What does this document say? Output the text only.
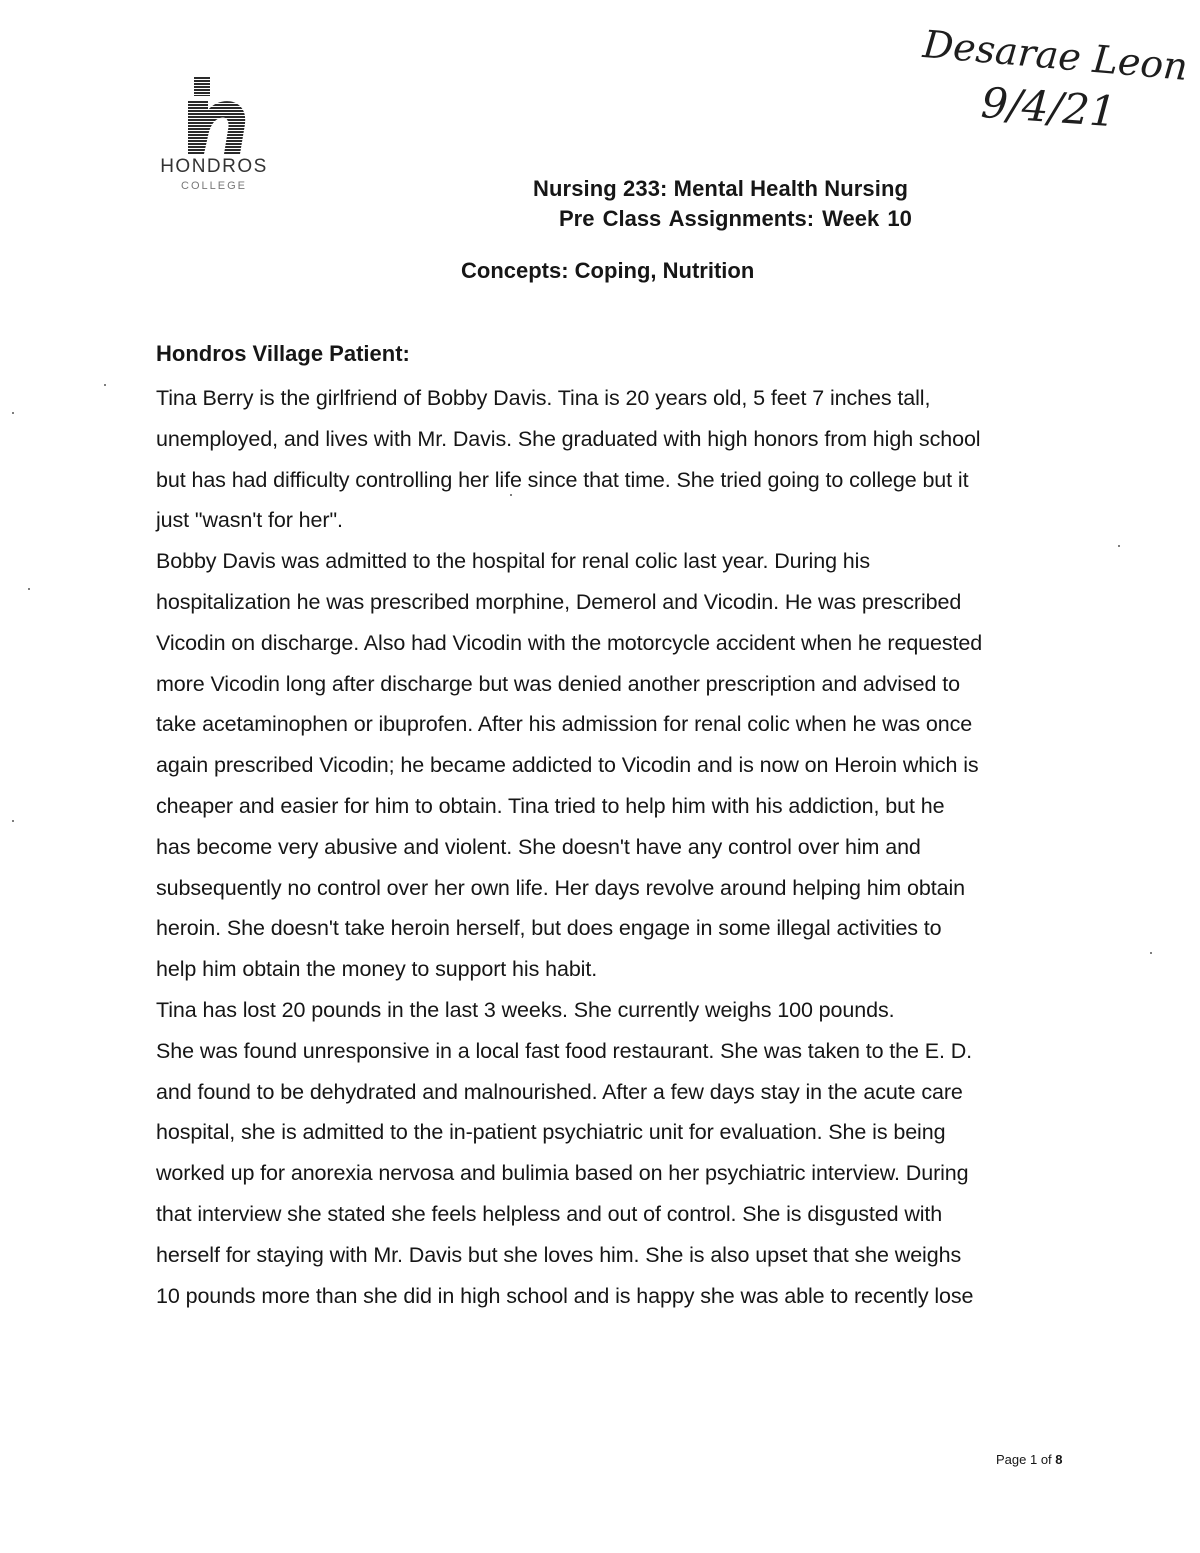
HONDROS
COLLEGE
Desarae Leon
9/4/21
Nursing 233: Mental Health Nursing
Pre Class Assignments: Week 10
Concepts: Coping, Nutrition
Hondros Village Patient:
Tina Berry is the girlfriend of Bobby Davis. Tina is 20 years old, 5 feet 7 inches tall,
unemployed, and lives with Mr. Davis. She graduated with high honors from high school
but has had difficulty controlling her life since that time. She tried going to college but it
just "wasn't for her".
Bobby Davis was admitted to the hospital for renal colic last year. During his
hospitalization he was prescribed morphine, Demerol and Vicodin. He was prescribed
Vicodin on discharge. Also had Vicodin with the motorcycle accident when he requested
more Vicodin long after discharge but was denied another prescription and advised to
take acetaminophen or ibuprofen. After his admission for renal colic when he was once
again prescribed Vicodin; he became addicted to Vicodin and is now on Heroin which is
cheaper and easier for him to obtain. Tina tried to help him with his addiction, but he
has become very abusive and violent. She doesn't have any control over him and
subsequently no control over her own life. Her days revolve around helping him obtain
heroin. She doesn't take heroin herself, but does engage in some illegal activities to
help him obtain the money to support his habit.
Tina has lost 20 pounds in the last 3 weeks. She currently weighs 100 pounds.
She was found unresponsive in a local fast food restaurant. She was taken to the E. D.
and found to be dehydrated and malnourished. After a few days stay in the acute care
hospital, she is admitted to the in-patient psychiatric unit for evaluation. She is being
worked up for anorexia nervosa and bulimia based on her psychiatric interview. During
that interview she stated she feels helpless and out of control. She is disgusted with
herself for staying with Mr. Davis but she loves him. She is also upset that she weighs
10 pounds more than she did in high school and is happy she was able to recently lose
Page 1 of 8
